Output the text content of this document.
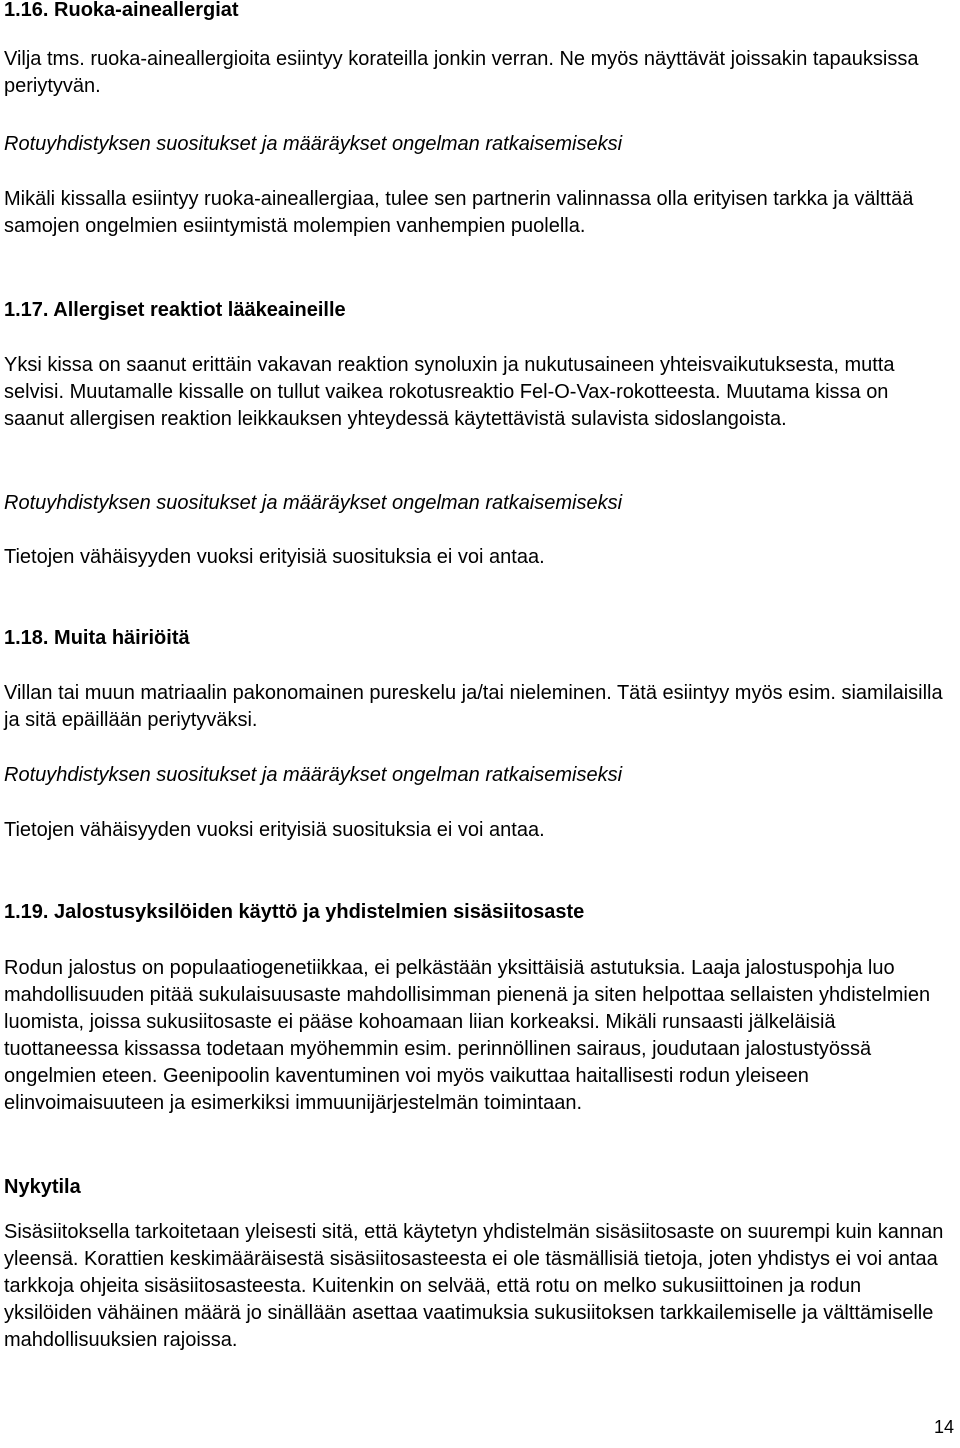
1.16. Ruoka-aineallergiat
Vilja tms. ruoka-aineallergioita esiintyy korateilla jonkin verran. Ne myös näyttävät joissakin tapauksissa periytyvän.
Rotuyhdistyksen suositukset ja määräykset ongelman ratkaisemiseksi
Mikäli kissalla esiintyy ruoka-aineallergiaa, tulee sen partnerin valinnassa olla erityisen tarkka ja välttää samojen ongelmien esiintymistä molempien vanhempien puolella.
1.17. Allergiset reaktiot lääkeaineille
Yksi kissa on saanut erittäin vakavan reaktion synoluxin ja nukutusaineen yhteisvaikutuksesta, mutta selvisi. Muutamalle kissalle on tullut vaikea rokotusreaktio Fel-O-Vax-rokotteesta. Muutama kissa on saanut allergisen reaktion leikkauksen yhteydessä käytettävistä sulavista sidoslangoista.
Rotuyhdistyksen suositukset ja määräykset ongelman ratkaisemiseksi
Tietojen vähäisyyden vuoksi erityisiä suosituksia ei voi antaa.
1.18. Muita häiriöitä
Villan tai muun matriaalin pakonomainen pureskelu ja/tai nieleminen. Tätä esiintyy myös esim. siamilaisilla ja sitä epäillään periytyväksi.
Rotuyhdistyksen suositukset ja määräykset ongelman ratkaisemiseksi
Tietojen vähäisyyden vuoksi erityisiä suosituksia ei voi antaa.
1.19. Jalostusyksilöiden käyttö ja yhdistelmien sisäsiitosaste
Rodun jalostus on populaatiogenetiikkaa, ei pelkästään yksittäisiä astutuksia. Laaja jalostuspohja luo mahdollisuuden pitää sukulaisuusaste mahdollisimman pienenä ja siten helpottaa sellaisten yhdistelmien luomista, joissa sukusiitosaste ei pääse kohoamaan liian korkeaksi. Mikäli runsaasti jälkeläisiä tuottaneessa kissassa todetaan myöhemmin esim. perinnöllinen sairaus, joudutaan jalostustyössä ongelmien eteen. Geenipoolin kaventuminen voi myös vaikuttaa haitallisesti rodun yleiseen elinvoimaisuuteen ja esimerkiksi immuunijärjestelmän toimintaan.
Nykytila
Sisäsiitoksella tarkoitetaan yleisesti sitä, että käytetyn yhdistelmän sisäsiitosaste on suurempi kuin kannan yleensä. Korattien keskimääräisestä sisäsiitosasteesta ei ole täsmällisiä tietoja, joten yhdistys ei voi antaa tarkkoja ohjeita sisäsiitosasteesta. Kuitenkin on selvää, että rotu on melko sukusiittoinen ja rodun yksilöiden vähäinen määrä jo sinällään asettaa vaatimuksia sukusiitoksen tarkkailemiselle ja välttämiselle mahdollisuuksien rajoissa.
14
